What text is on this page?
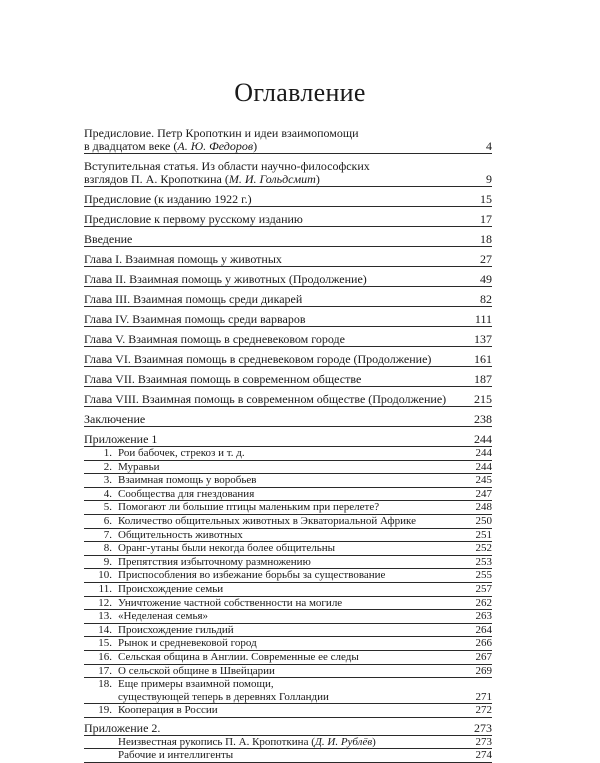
Оглавление
Предисловие. Петр Кропоткин и идеи взаимопомощи
в двадцатом веке (А. Ю. Федоров)	4
Вступительная статья. Из области научно-философских
взглядов П. А. Кропоткина (М. И. Гольдсмит)	9
Предисловие (к изданию 1922 г.)	15
Предисловие к первому русскому изданию	17
Введение	18
Глава I. Взаимная помощь у животных	27
Глава II. Взаимная помощь у животных (Продолжение)	49
Глава III. Взаимная помощь среди дикарей	82
Глава IV. Взаимная помощь среди варваров	111
Глава V. Взаимная помощь в средневековом городе	137
Глава VI. Взаимная помощь в средневековом городе (Продолжение)	161
Глава VII. Взаимная помощь в современном обществе	187
Глава VIII. Взаимная помощь в современном обществе (Продолжение) 215
Заключение	238
Приложение 1	244
1. Рои бабочек, стрекоз и т. д.	244
2. Муравьи	244
3. Взаимная помощь у воробьев	245
4. Сообщества для гнездования	247
5. Помогают ли большие птицы маленьким при перелете?	248
6. Количество общительных животных в Экваториальной Африке	250
7. Общительность животных	251
8. Оранг-утаны были некогда более общительны	252
9. Препятствия избыточному размножению	253
10. Приспособления во избежание борьбы за существование	255
11. Происхождение семьи	257
12. Уничтожение частной собственности на могиле	262
13. «Неделеная семья»	263
14. Происхождение гильдий	264
15. Рынок и средневековой город	266
16. Сельская община в Англии. Современные ее следы	267
17. О сельской общине в Швейцарии	269
18. Еще примеры взаимной помощи,
существующей теперь в деревнях Голландии	271
19. Кооперация в России	272
Приложение 2.	273
Неизвестная рукопись П. А. Кропоткина (Д. И. Рублёв)	273
Рабочие и интеллигенты	274
